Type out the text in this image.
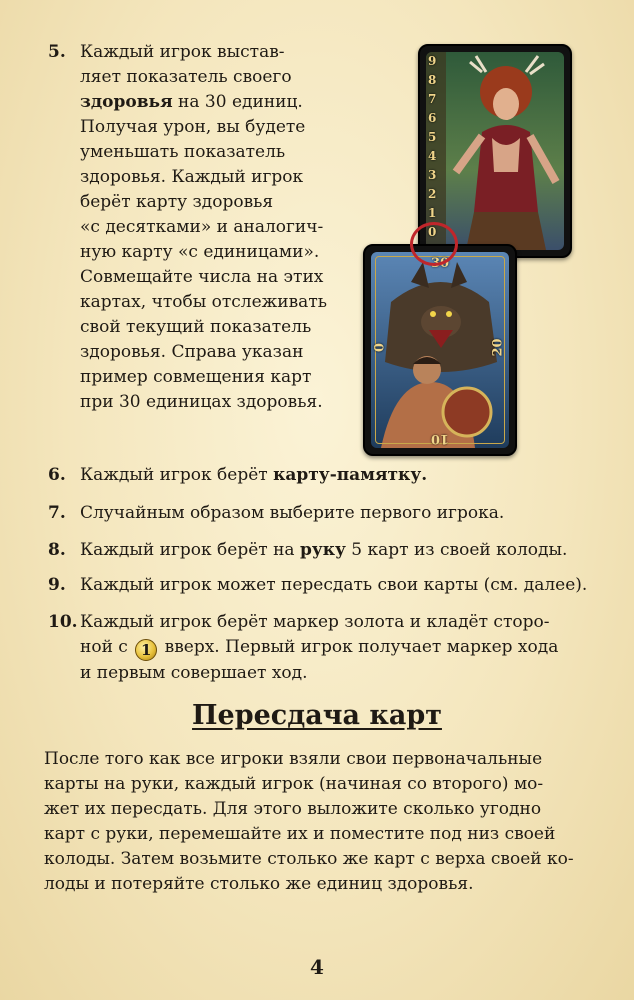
5. Каждый игрок выстав-
ляет показатель своего
здоровья на 30 единиц.
Получая урон, вы будете
уменьшать показатель
здоровья. Каждый игрок
берёт карту здоровья
«с десятками» и аналогич-
ную карту «с единицами».
Совмещайте числа на этих
картах, чтобы отслеживать
свой текущий показатель
здоровья. Справа указан
пример совмещения карт
при 30 единицах здоровья.
9
8
7
6
5
4
3
2
1
0
30
0	20
10
6. Каждый игрок берёт карту-памятку.
7. Случайным образом выберите первого игрока.
8. Каждый игрок берёт на руку 5 карт из своей колоды.
9. Каждый игрок может пересдать свои карты (см. далее).
10. Каждый игрок берёт маркер золота и кладёт сторо-
ной с 1 вверх. Первый игрок получает маркер хода
и первым совершает ход.
Пересдача карт
После того как все игроки взяли свои первоначальные
карты на руки, каждый игрок (начиная со второго) мо-
жет их пересдать. Для этого выложите сколько угодно
карт с руки, перемешайте их и поместите под низ своей
колоды. Затем возьмите столько же карт с верха своей ко-
лоды и потеряйте столько же единиц здоровья.
4
